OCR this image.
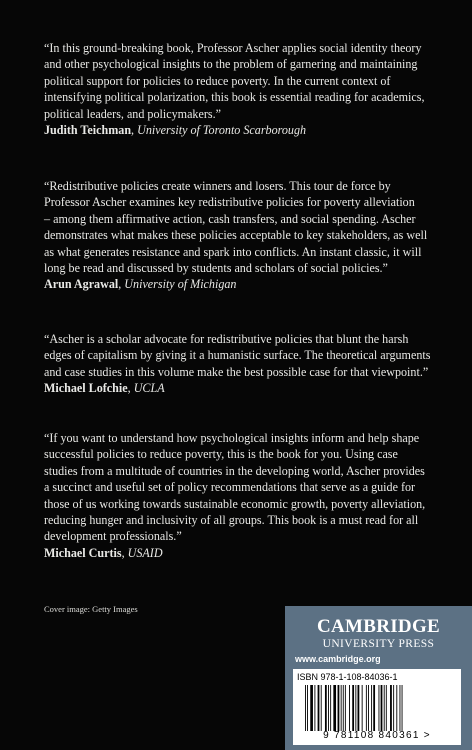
“In this ground-breaking book, Professor Ascher applies social identity theory
and other psychological insights to the problem of garnering and maintaining
political support for policies to reduce poverty. In the current context of
intensifying political polarization, this book is essential reading for academics,
political leaders, and policymakers.”

Judith Teichman, University of Toronto Scarborough

“Redistributive policies create winners and losers. This tour de force by
Professor Ascher examines key redistributive policies for poverty alleviation
– among them affirmative action, cash transfers, and social spending. Ascher
demonstrates what makes these policies acceptable to key stakeholders, as well
as what generates resistance and spark into conflicts. An instant classic, it will
long be read and discussed by students and scholars of social policies.”

Arun Agrawal, University of Michigan

“Ascher is a scholar advocate for redistributive policies that blunt the harsh
edges of capitalism by giving it a humanistic surface. The theoretical arguments
and case studies in this volume make the best possible case for that viewpoint.”

Michael Lofchie, UCLA

“If you want to understand how psychological insights inform and help shape
successful policies to reduce poverty, this is the book for you. Using case
studies from a multitude of countries in the developing world, Ascher provides
a succinct and useful set of policy recommendations that serve as a guide for
those of us working towards sustainable economic growth, poverty alleviation,
reducing hunger and inclusivity of all groups. This book is a must read for all
development professionals.”

Michael Curtis, USAID

Cover image: Getty Images
CAMBRIDGE
UNIVERSITY PRESS
www.cambridge.org
ISBN 978-1-108-84036-1
9 781108 840361 >
